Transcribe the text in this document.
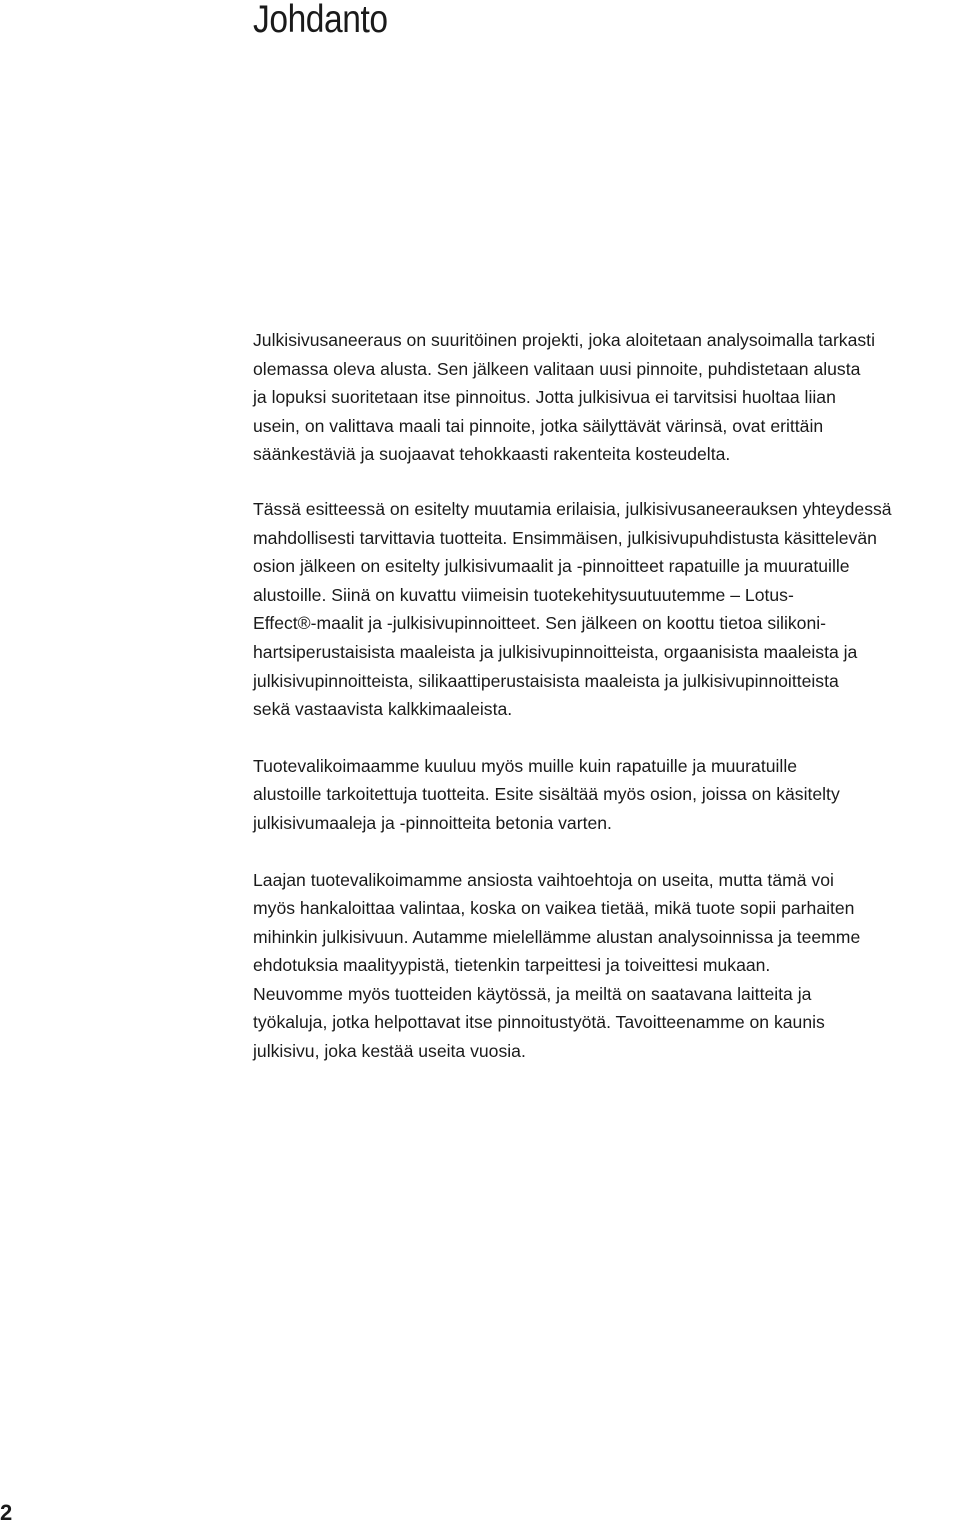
Johdanto

Julkisivusaneeraus on suuritöinen projekti, joka aloitetaan analysoimalla tarkasti
olemassa oleva alusta. Sen jälkeen valitaan uusi pinnoite, puhdistetaan alusta
ja lopuksi suoritetaan itse pinnoitus. Jotta julkisivua ei tarvitsisi huoltaa liian
usein, on valittava maali tai pinnoite, jotka säilyttävät värinsä, ovat erittäin
säänkestäviä ja suojaavat tehokkaasti rakenteita kosteudelta.

Tässä esitteessä on esitelty muutamia erilaisia, julkisivusaneerauksen yhteydessä
mahdollisesti tarvittavia tuotteita. Ensimmäisen, julkisivupuhdistusta käsittelevän
osion jälkeen on esitelty julkisivumaalit ja -pinnoitteet rapatuille ja muuratuille
alustoille. Siinä on kuvattu viimeisin tuotekehitysuutuutemme – Lotus-
Effect®-maalit ja -julkisivupinnoitteet. Sen jälkeen on koottu tietoa silikoni-
hartsiperustaisista maaleista ja julkisivupinnoitteista, orgaanisista maaleista ja
julkisivupinnoitteista, silikaattiperustaisista maaleista ja julkisivupinnoitteista
sekä vastaavista kalkkimaaleista.

Tuotevalikoimaamme kuuluu myös muille kuin rapatuille ja muuratuille
alustoille tarkoitettuja tuotteita. Esite sisältää myös osion, joissa on käsitelty
julkisivumaaleja ja -pinnoitteita betonia varten.

Laajan tuotevalikoimamme ansiosta vaihtoehtoja on useita, mutta tämä voi
myös hankaloittaa valintaa, koska on vaikea tietää, mikä tuote sopii parhaiten
mihinkin julkisivuun. Autamme mielellämme alustan analysoinnissa ja teemme
ehdotuksia maalityypistä, tietenkin tarpeittesi ja toiveittesi mukaan.
Neuvomme myös tuotteiden käytössä, ja meiltä on saatavana laitteita ja
työkaluja, jotka helpottavat itse pinnoitustyötä. Tavoitteenamme on kaunis
julkisivu, joka kestää useita vuosia.

2
